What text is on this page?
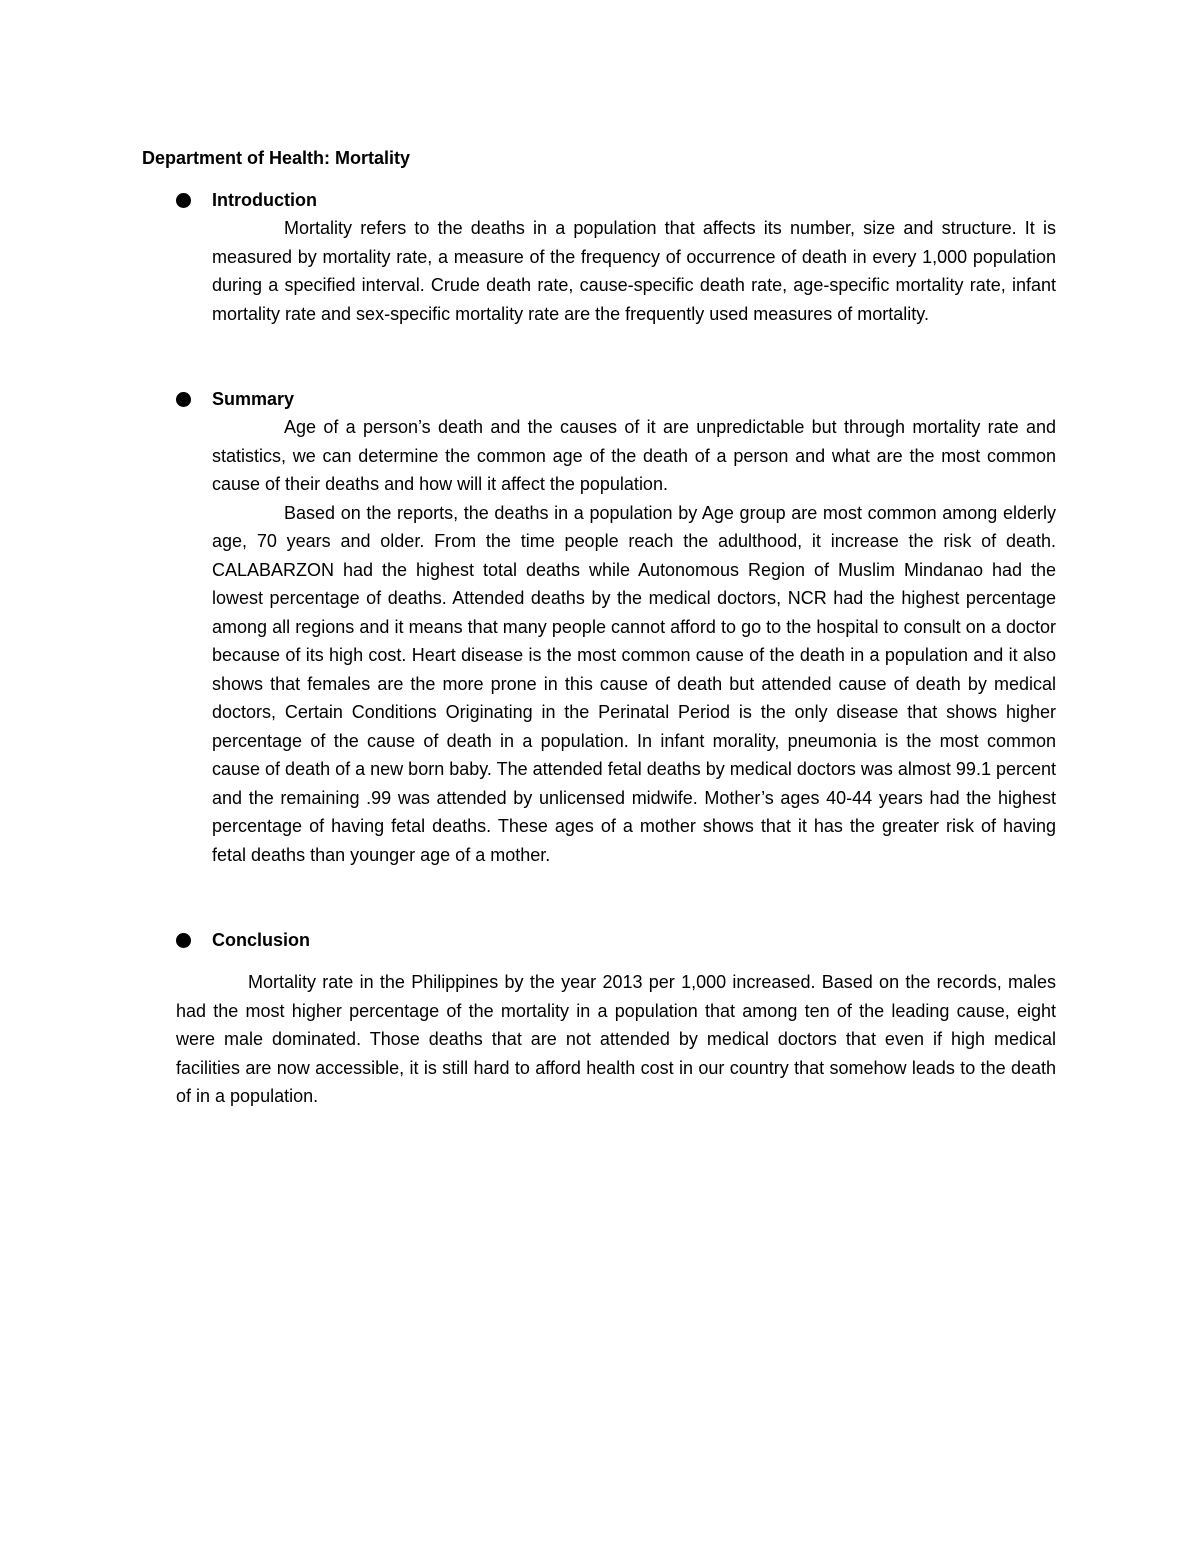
Department of Health: Mortality
Introduction

Mortality refers to the deaths in a population that affects its number, size and structure. It is measured by mortality rate, a measure of the frequency of occurrence of death in every 1,000 population during a specified interval. Crude death rate, cause-specific death rate, age-specific mortality rate, infant mortality rate and sex-specific mortality rate are the frequently used measures of mortality.

Summary

Age of a person’s death and the causes of it are unpredictable but through mortality rate and statistics, we can determine the common age of the death of a person and what are the most common cause of their deaths and how will it affect the population.

Based on the reports, the deaths in a population by Age group are most common among elderly age, 70 years and older. From the time people reach the adulthood, it increase the risk of death. CALABARZON had the highest total deaths while Autonomous Region of Muslim Mindanao had the lowest percentage of deaths. Attended deaths by the medical doctors, NCR had the highest percentage among all regions and it means that many people cannot afford to go to the hospital to consult on a doctor because of its high cost. Heart disease is the most common cause of the death in a population and it also shows that females are the more prone in this cause of death but attended cause of death by medical doctors, Certain Conditions Originating in the Perinatal Period is the only disease that shows higher percentage of the cause of death in a population. In infant morality, pneumonia is the most common cause of death of a new born baby. The attended fetal deaths by medical doctors was almost 99.1 percent and the remaining .99 was attended by unlicensed midwife. Mother’s ages 40-44 years had the highest percentage of having fetal deaths. These ages of a mother shows that it has the greater risk of having fetal deaths than younger age of a mother.

Conclusion

Mortality rate in the Philippines by the year 2013 per 1,000 increased. Based on the records, males had the most higher percentage of the mortality in a population that among ten of the leading cause, eight were male dominated. Those deaths that are not attended by medical doctors that even if high medical facilities are now accessible, it is still hard to afford health cost in our country that somehow leads to the death of in a population.
